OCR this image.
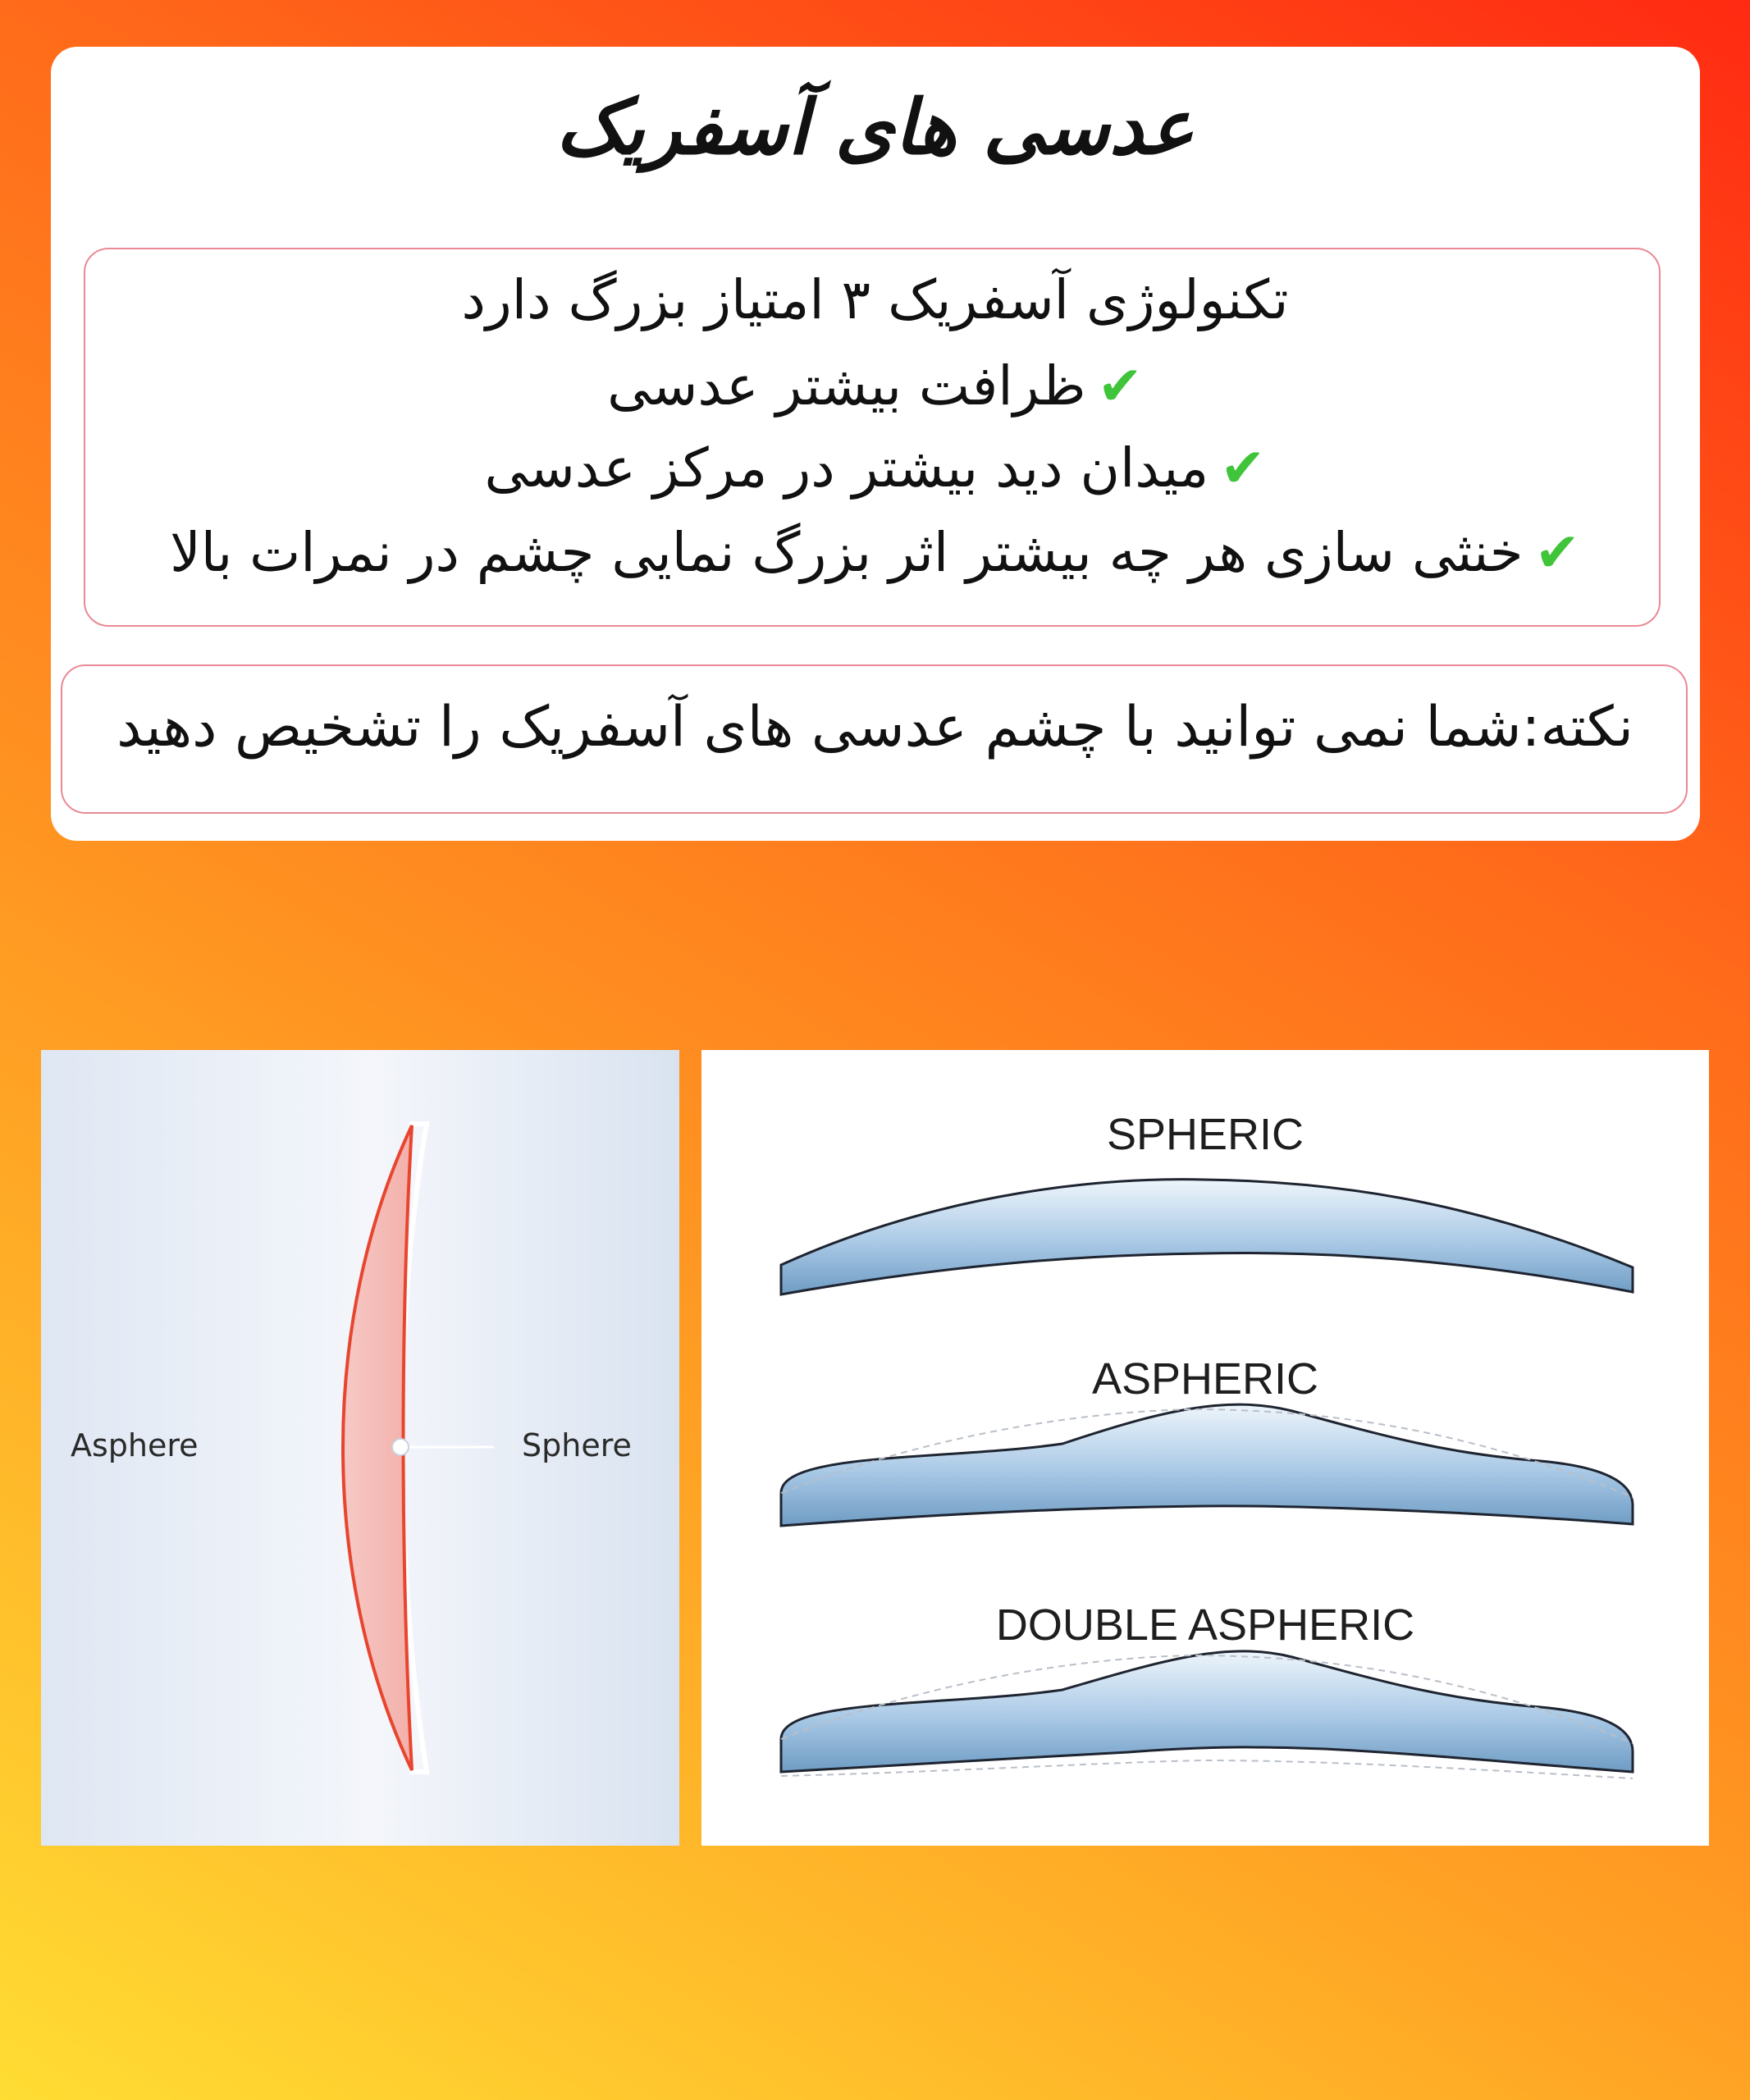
عدسی های آسفریک
تکنولوژی آسفریک ۳ امتیاز بزرگ دارد
✔ظرافت بیشتر عدسی
✔میدان دید بیشتر در مرکز عدسی
✔خنثی سازی هر چه بیشتر اثر بزرگ نمایی چشم در نمرات بالا
نکته:شما نمی توانید با چشم عدسی های آسفریک را تشخیص دهید
Asphere	Sphere
SPHERIC
ASPHERIC
DOUBLE ASPHERIC
